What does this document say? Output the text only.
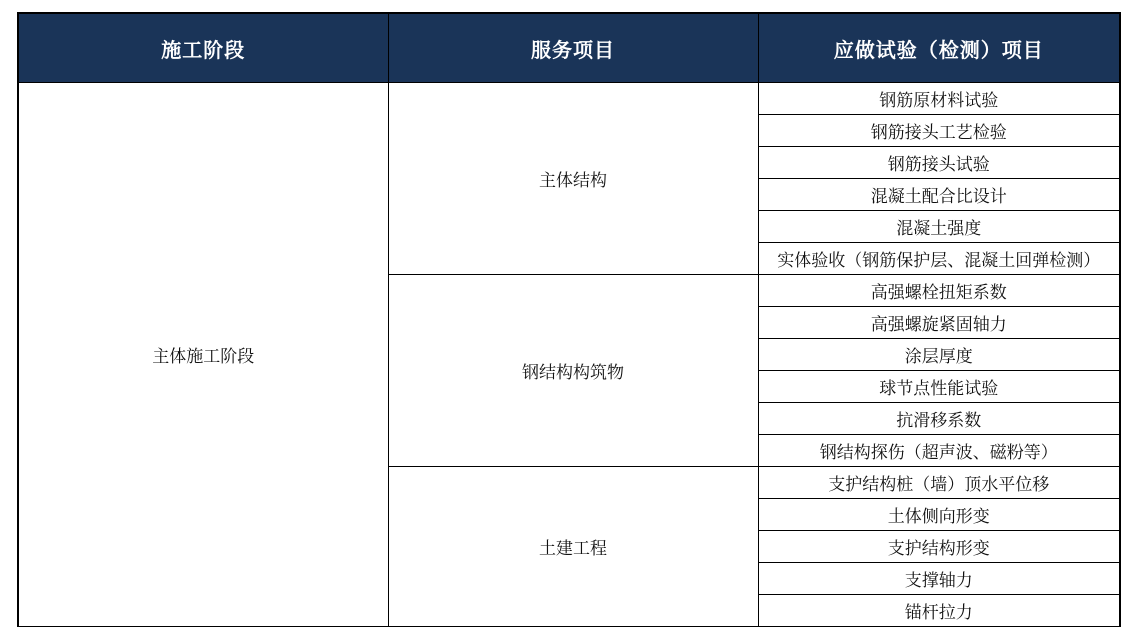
施工阶段	服务项目	应做试验（检测）项目
主体施工阶段	主体结构	钢筋原材料试验
		钢筋接头工艺检验
		钢筋接头试验
		混凝土配合比设计
		混凝土强度
		实体验收（钢筋保护层、混凝土回弹检测）
	钢结构构筑物	高强螺栓扭矩系数
		高强螺旋紧固轴力
		涂层厚度
		球节点性能试验
		抗滑移系数
		钢结构探伤（超声波、磁粉等）
	土建工程	支护结构桩（墙）顶水平位移
		土体侧向形变
		支护结构形变
		支撑轴力
		锚杆拉力
